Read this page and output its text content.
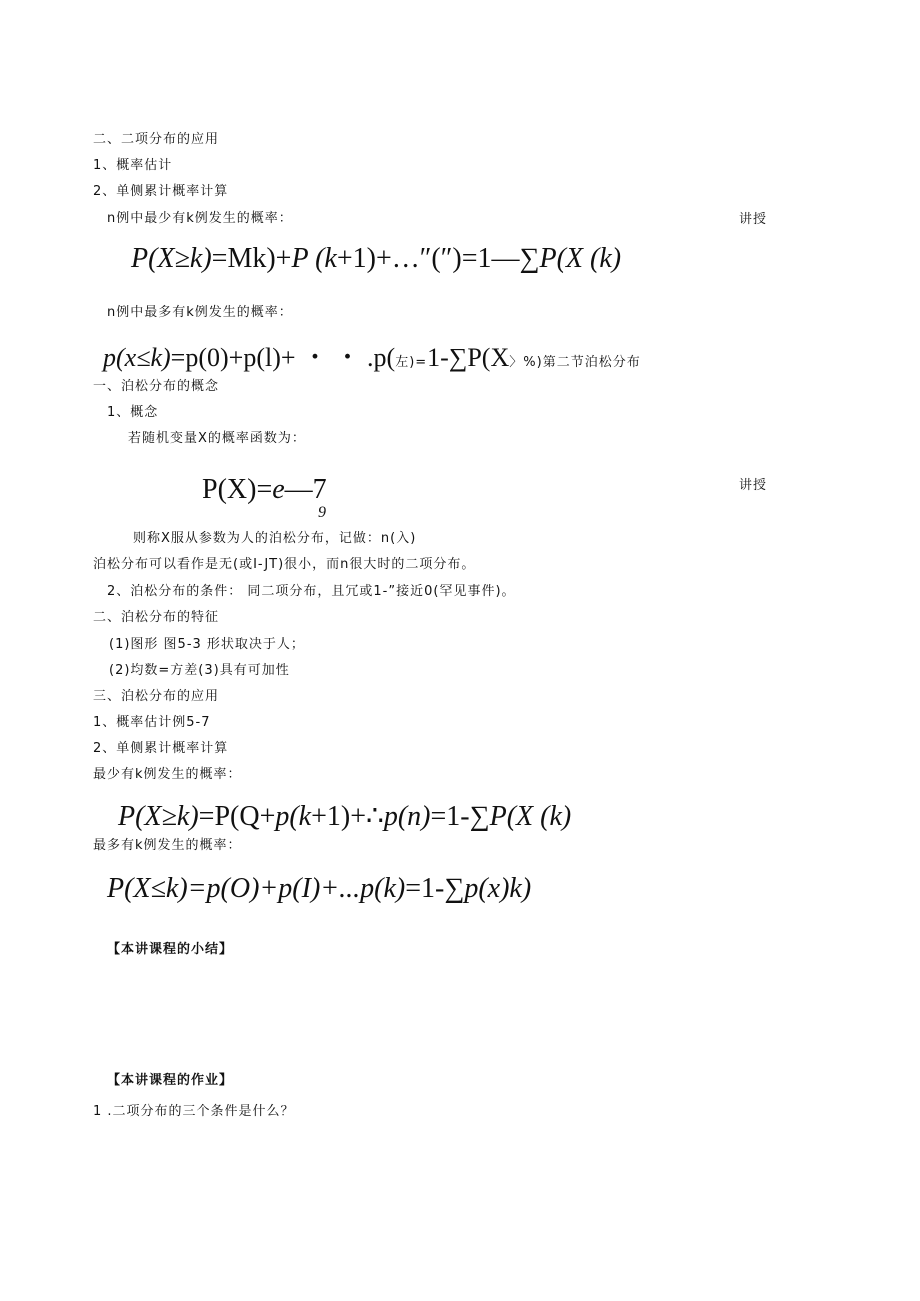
二、二项分布的应用
1、概率估计
2、单侧累计概率计算
n例中最少有k例发生的概率：	讲授
P(X≥k)=Mk)+P (k+1)+…″(″)=1—∑P(X (k)
n例中最多有k例发生的概率：
p(x≤k)=p(0)+p(l)+ ・ ・ .p(左)=1-∑P(X〉%)第二节泊松分布
一、泊松分布的概念
1、概念
若随机变量X的概率函数为：
P(X)=e—7
9
讲授
则称X服从参数为人的泊松分布，记做：n(入)
泊松分布可以看作是无(或I-JT)很小，而n很大时的二项分布。
2、泊松分布的条件： 同二项分布，且冗或1-”接近0(罕见事件)。
二、泊松分布的特征
(1)图形 图5-3 形状取决于人；
(2)均数=方差(3)具有可加性
三、泊松分布的应用
1、概率估计例5-7
2、单侧累计概率计算
最少有k例发生的概率：
P(X≥k)=P(Q+p(k+1)+∴p(n)=1-∑P(X (k)
最多有k例发生的概率：
P(X≤k)=p(O)+p(I)+...p(k)=1-∑p(x)k)
【本讲课程的小结】
【本讲课程的作业】
1 .二项分布的三个条件是什么？
